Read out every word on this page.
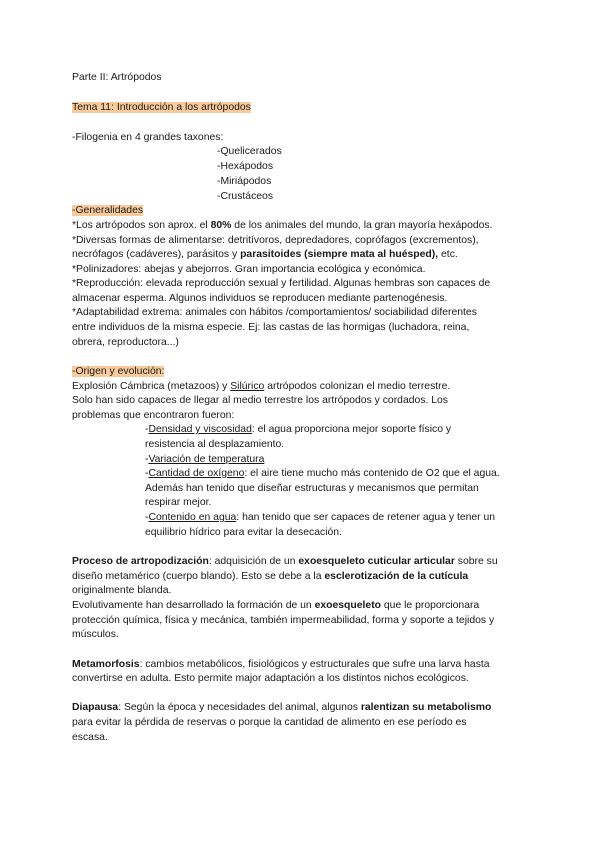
Parte II: Artrópodos
Tema 11: Introducción a los artrópodos
-Filogenia en 4 grandes taxones:
-Quelicerados
-Hexápodos
-Miriápodos
-Crustáceos
-Generalidades
*Los artrópodos son aprox. el 80% de los animales del mundo, la gran mayoría hexápodos.
*Diversas formas de alimentarse: detritívoros, depredadores, coprófagos (excrementos),
necrófagos (cadáveres), parásitos y parasitoides (siempre mata al huésped), etc.
*Polinizadores: abejas y abejorros. Gran importancia ecológica y económica.
*Reproducción: elevada reproducción sexual y fertilidad. Algunas hembras son capaces de
almacenar esperma. Algunos individuos se reproducen mediante partenogénesis.
*Adaptabilidad extrema: animales con hábitos /comportamientos/ sociabilidad diferentes
entre individuos de la misma especie. Ej: las castas de las hormigas (luchadora, reina,
obrera, reproductora...)
-Origen y evolución:
Explosión Cámbrica (metazoos) y Silúrico artrópodos colonizan el medio terrestre.
Solo han sido capaces de llegar al medio terrestre los artrópodos y cordados. Los
problemas que encontraron fueron:
-Densidad y viscosidad: el agua proporciona mejor soporte físico y
resistencia al desplazamiento.
-Variación de temperatura
-Cantidad de oxígeno: el aire tiene mucho más contenido de O2 que el agua.
Además han tenido que diseñar estructuras y mecanismos que permitan
respirar mejor.
-Contenido en agua: han tenido que ser capaces de retener agua y tener un
equilibrio hídrico para evitar la desecación.
Proceso de artropodización: adquisición de un exoesqueleto cuticular articular sobre su
diseño metamérico (cuerpo blando). Esto se debe a la esclerotización de la cutícula
originalmente blanda.
Evolutivamente han desarrollado la formación de un exoesqueleto que le proporcionara
protección química, física y mecánica, también impermeabilidad, forma y soporte a tejidos y
músculos.
Metamorfosis: cambios metabólicos, fisiológicos y estructurales que sufre una larva hasta
convertirse en adulta. Esto permite major adaptación a los distintos nichos ecológicos.
Diapausa: Según la época y necesidades del animal, algunos ralentizan su metabolismo
para evitar la pérdida de reservas o porque la cantidad de alimento en ese período es
escasa.
